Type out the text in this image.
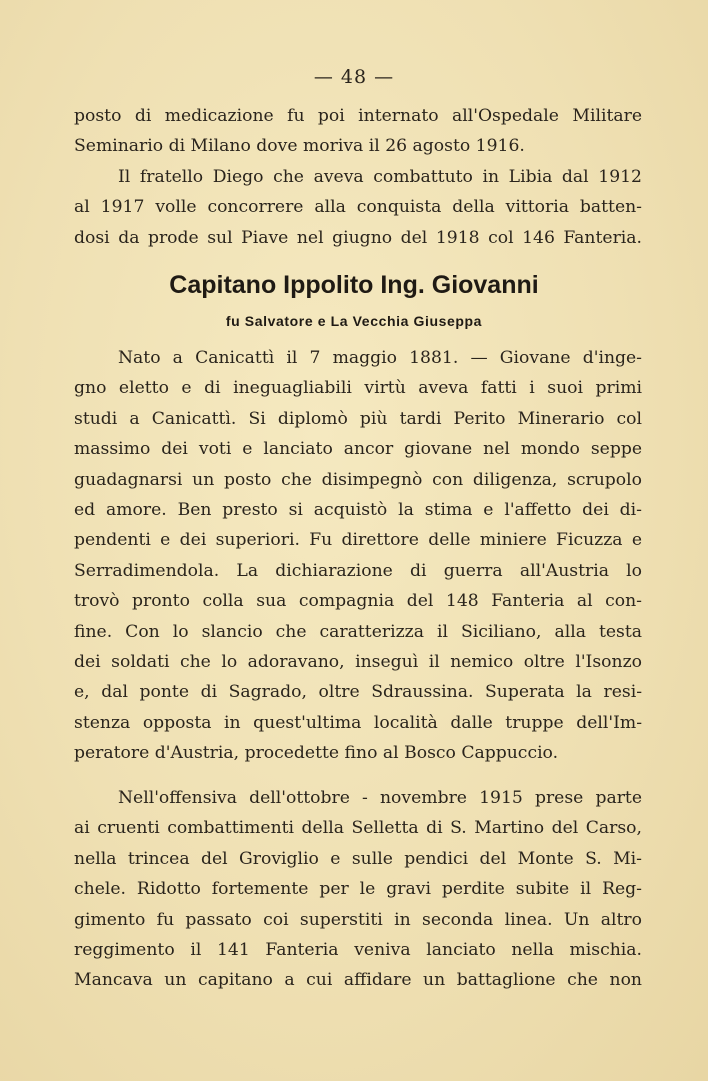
— 48 —
posto di medicazione fu poi internato all'Ospedale Militare
Seminario di Milano dove moriva il 26 agosto 1916.
Il fratello Diego che aveva combattuto in Libia dal 1912
al 1917 volle concorrere alla conquista della vittoria batten-
dosi da prode sul Piave nel giugno del 1918 col 146 Fanteria.
Capitano Ippolito Ing. Giovanni
fu Salvatore e La Vecchia Giuseppa
Nato a Canicattì il 7 maggio 1881. — Giovane d'inge-
gno eletto e di ineguagliabili virtù aveva fatti i suoi primi
studi a Canicattì. Si diplomò più tardi Perito Minerario col
massimo dei voti e lanciato ancor giovane nel mondo seppe
guadagnarsi un posto che disimpegnò con diligenza, scrupolo
ed amore. Ben presto si acquistò la stima e l'affetto dei di-
pendenti e dei superiori. Fu direttore delle miniere Ficuzza e
Serradimendola. La dichiarazione di guerra all'Austria lo
trovò pronto colla sua compagnia del 148 Fanteria al con-
fine. Con lo slancio che caratterizza il Siciliano, alla testa
dei soldati che lo adoravano, inseguì il nemico oltre l'Isonzo
e, dal ponte di Sagrado, oltre Sdraussina. Superata la resi-
stenza opposta in quest'ultima località dalle truppe dell'Im-
peratore d'Austria, procedette fino al Bosco Cappuccio.
Nell'offensiva dell'ottobre - novembre 1915 prese parte
ai cruenti combattimenti della Selletta di S. Martino del Carso,
nella trincea del Groviglio e sulle pendici del Monte S. Mi-
chele. Ridotto fortemente per le gravi perdite subite il Reg-
gimento fu passato coi superstiti in seconda linea. Un altro
reggimento il 141 Fanteria veniva lanciato nella mischia.
Mancava un capitano a cui affidare un battaglione che non
